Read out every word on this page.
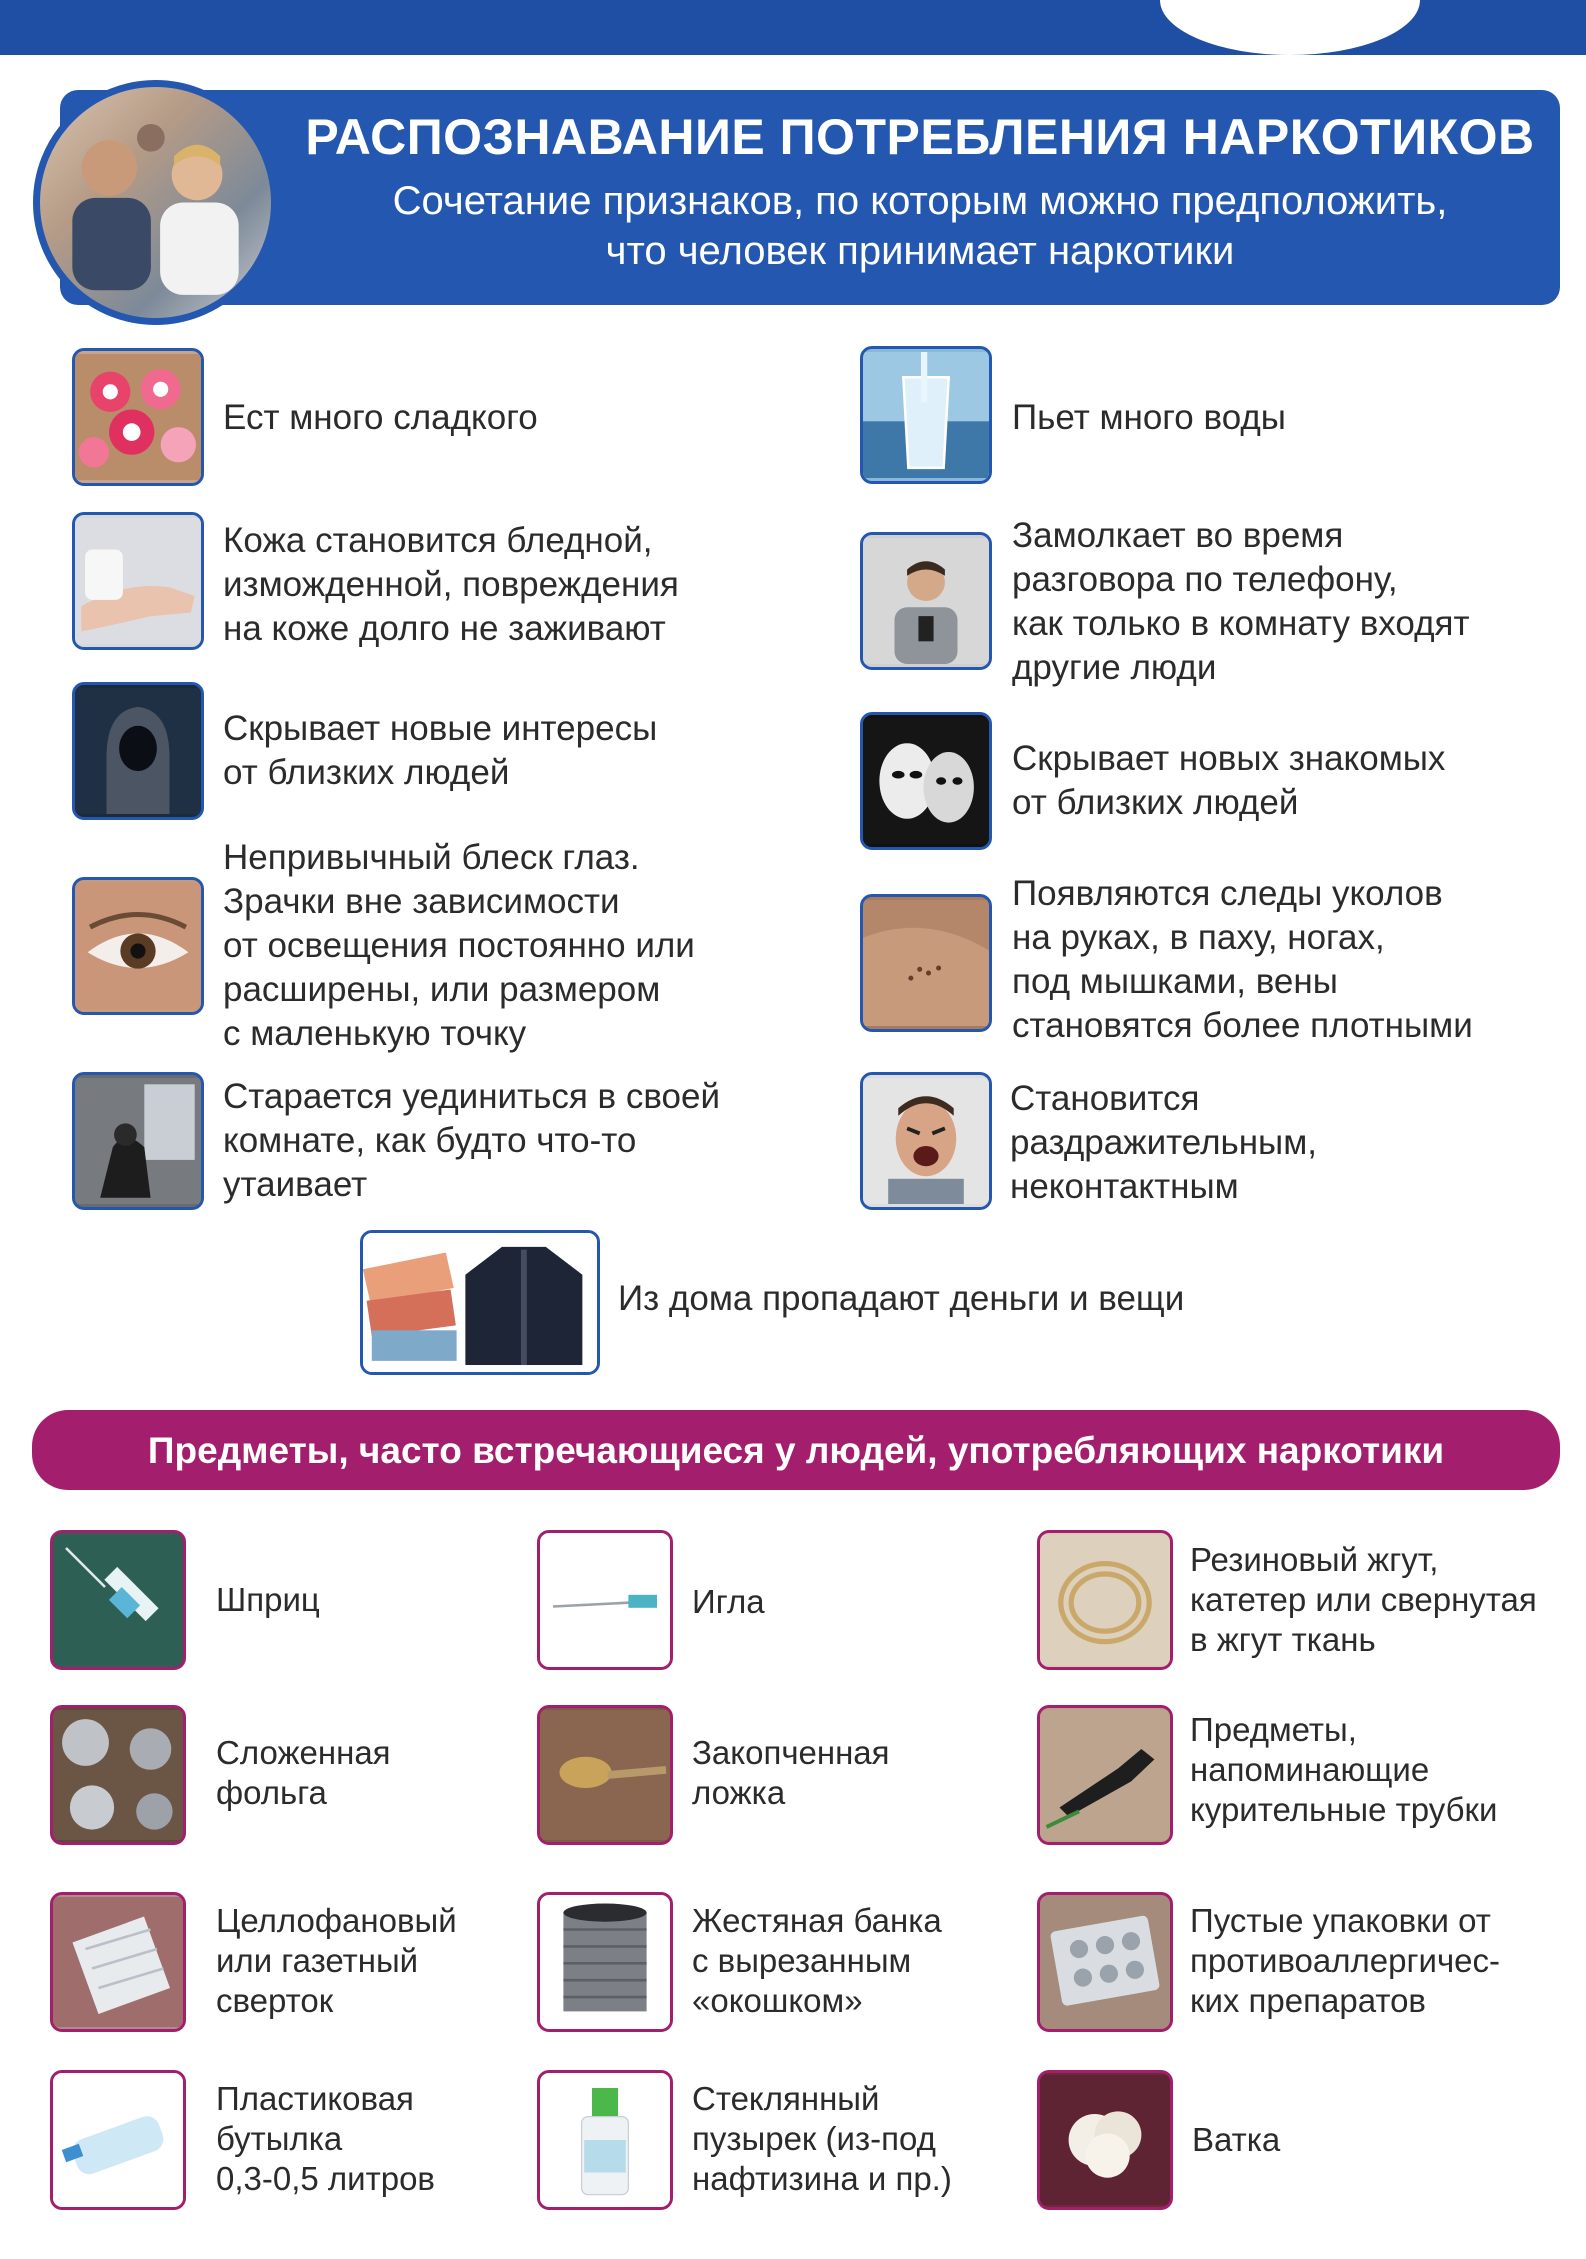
РАСПОЗНАВАНИЕ ПОТРЕБЛЕНИЯ НАРКОТИКОВ
Сочетание признаков, по которым можно предположить,
что человек принимает наркотики
Ест много сладкого
Кожа становится бледной,
изможденной, повреждения
на коже долго не заживают
Скрывает новые интересы
от близких людей
Непривычный блеск глаз.
Зрачки вне зависимости
от освещения постоянно или
расширены, или размером
с маленькую точку
Старается уединиться в своей
комнате, как будто что-то
утаивает
Пьет много воды
Замолкает во время
разговора по телефону,
как только в комнату входят
другие люди
Скрывает новых знакомых
от близких людей
Появляются следы уколов
на руках, в паху, ногах,
под мышками, вены
становятся более плотными
Становится
раздражительным,
неконтактным
Из дома пропадают деньги и вещи
Предметы, часто встречающиеся у людей, употребляющих наркотики
Шприц
Сложенная
фольга
Целлофановый
или газетный
сверток
Пластиковая
бутылка
0,3-0,5 литров
Игла
Закопченная
ложка
Жестяная банка
с вырезанным
«окошком»
Стеклянный
пузырек (из-под
нафтизина и пр.)
Резиновый жгут,
катетер или свернутая
в жгут ткань
Предметы,
напоминающие
курительные трубки
Пустые упаковки от
противоаллергичес-
ких препаратов
Ватка
